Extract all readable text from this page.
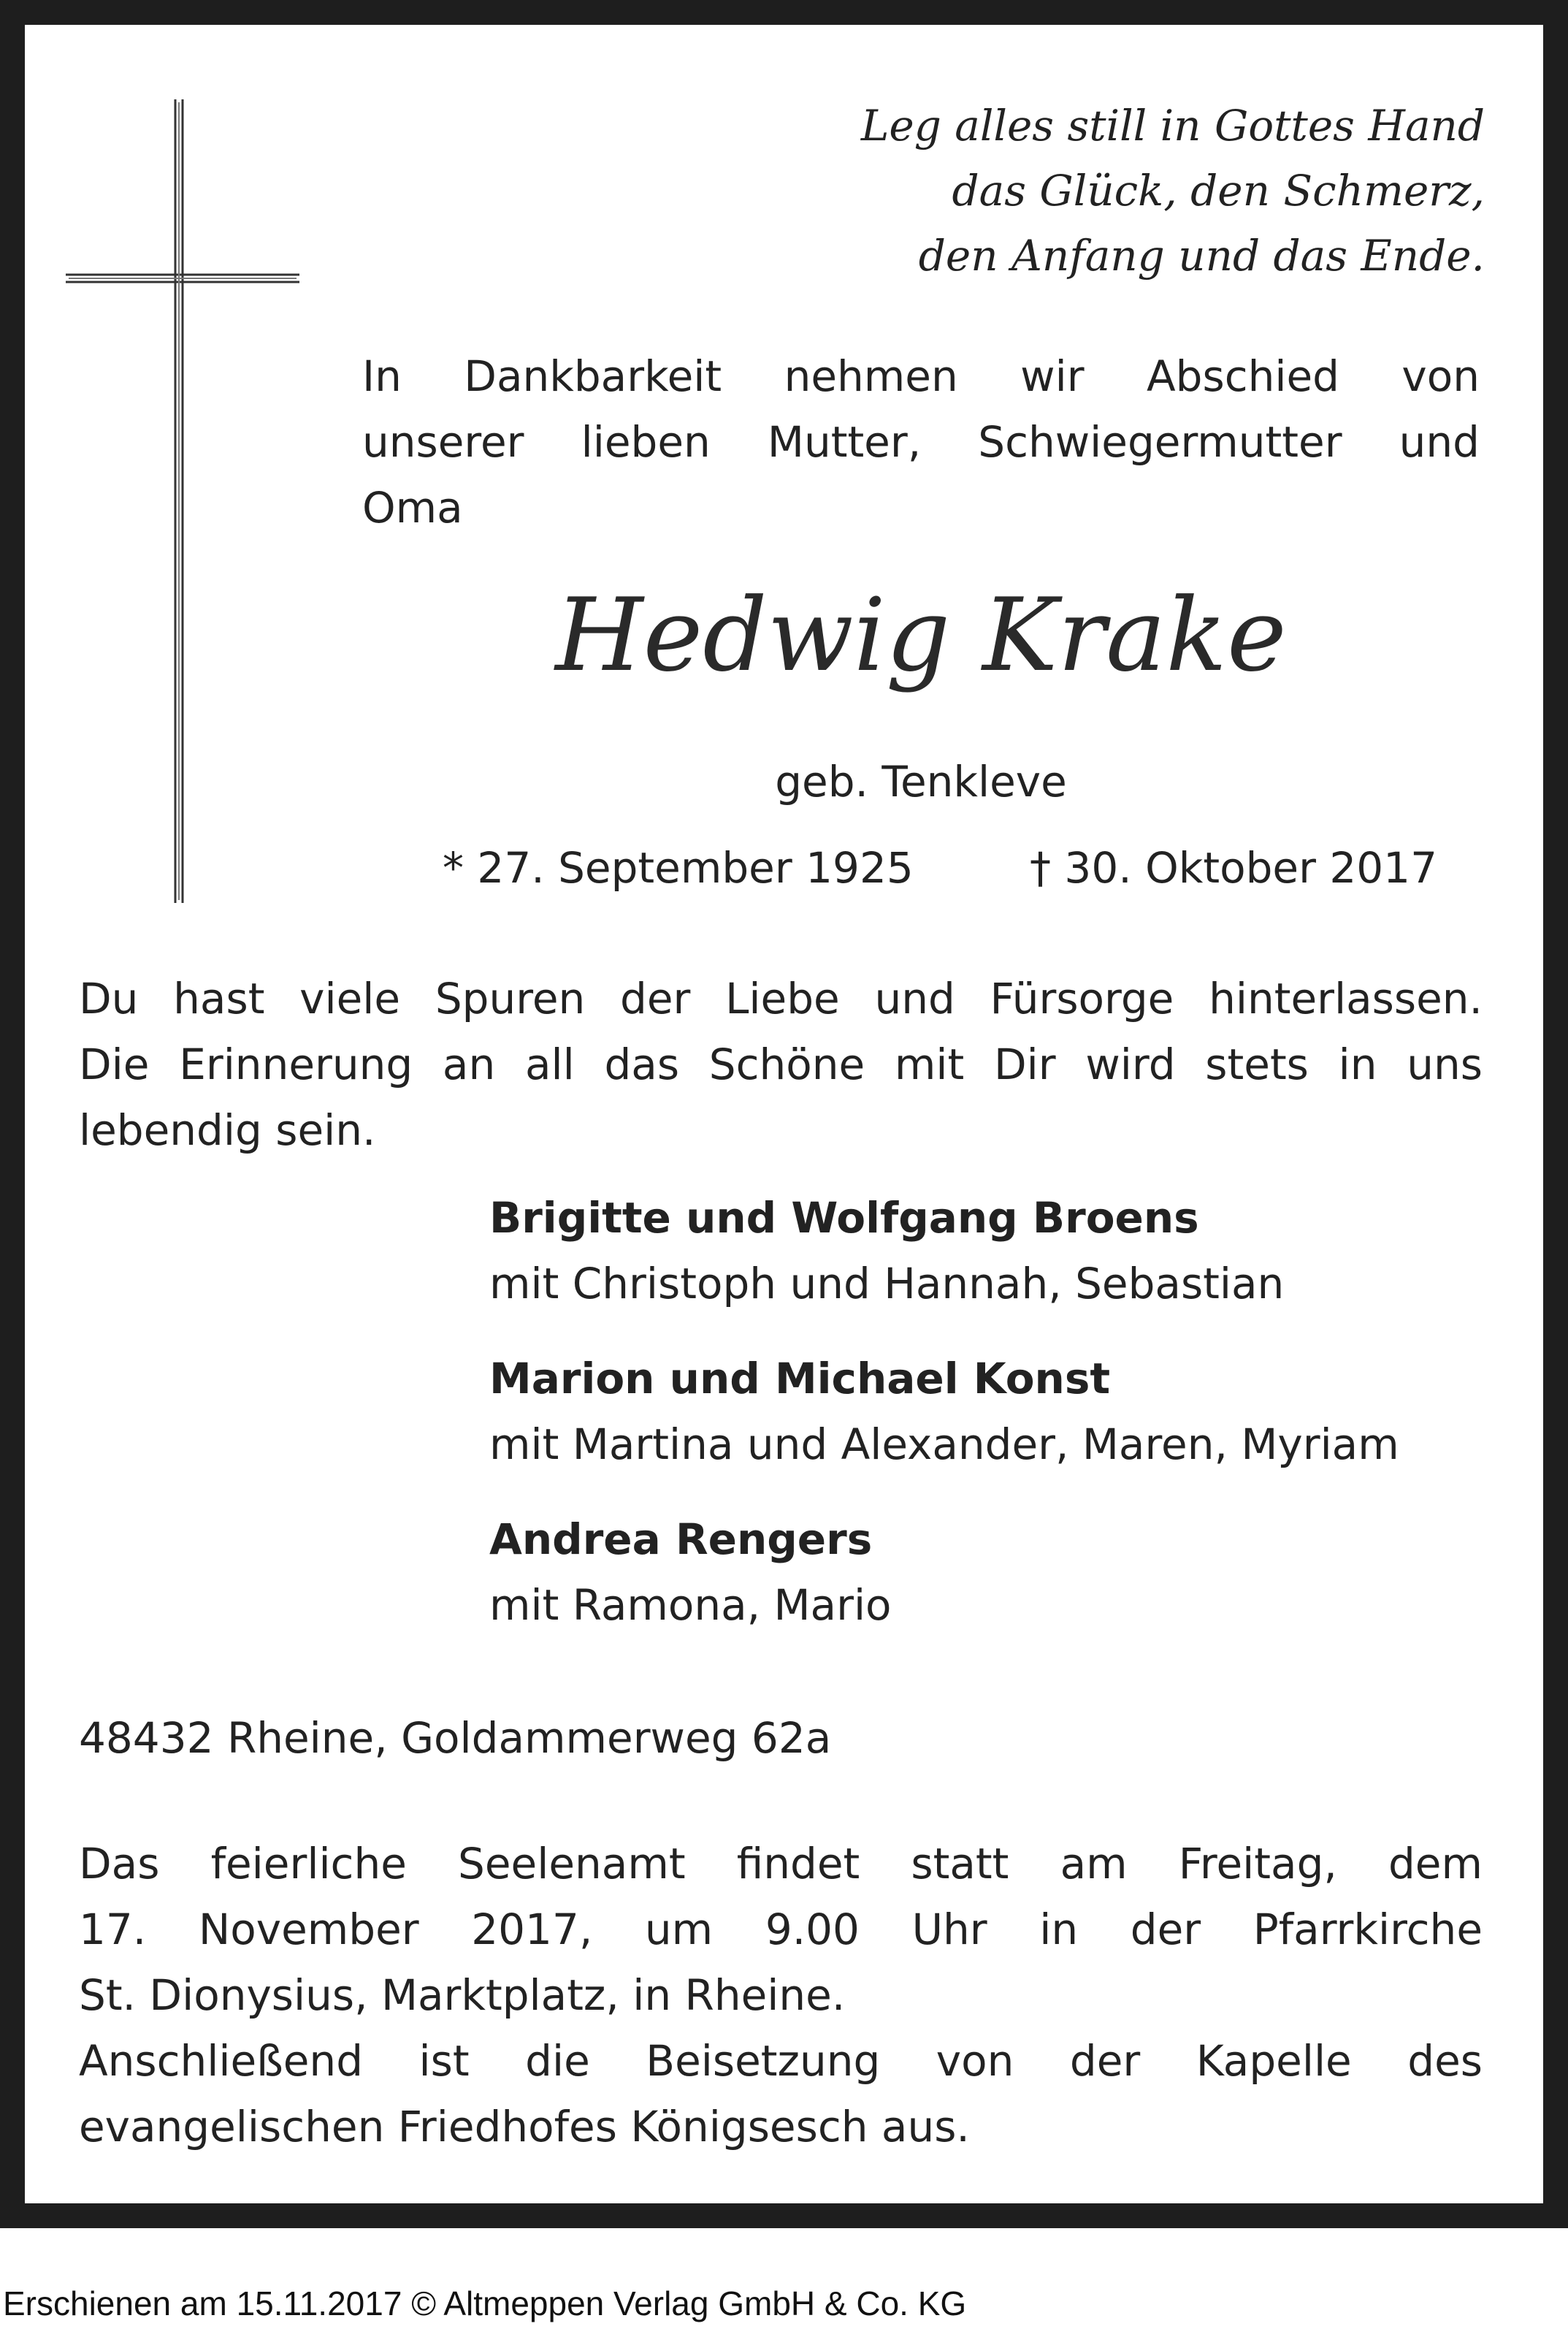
Leg alles still in Gottes Hand
das Glück, den Schmerz,
den Anfang und das Ende.
In Dankbarkeit nehmen wir Abschied von
unserer lieben Mutter, Schwiegermutter und
Oma
Hedwig Krake
geb. Tenkleve
* 27. September 1925	† 30. Oktober 2017
Du hast viele Spuren der Liebe und Fürsorge hinterlassen.
Die Erinnerung an all das Schöne mit Dir wird stets in uns
lebendig sein.
Brigitte und Wolfgang Broens
mit Christoph und Hannah, Sebastian
Marion und Michael Konst
mit Martina und Alexander, Maren, Myriam
Andrea Rengers
mit Ramona, Mario
48432 Rheine, Goldammerweg 62a
Das feierliche Seelenamt findet statt am Freitag, dem
17. November 2017, um 9.00 Uhr in der Pfarrkirche
St. Dionysius, Marktplatz, in Rheine.
Anschließend ist die Beisetzung von der Kapelle des
evangelischen Friedhofes Königsesch aus.
Erschienen am 15.11.2017 © Altmeppen Verlag GmbH & Co. KG
